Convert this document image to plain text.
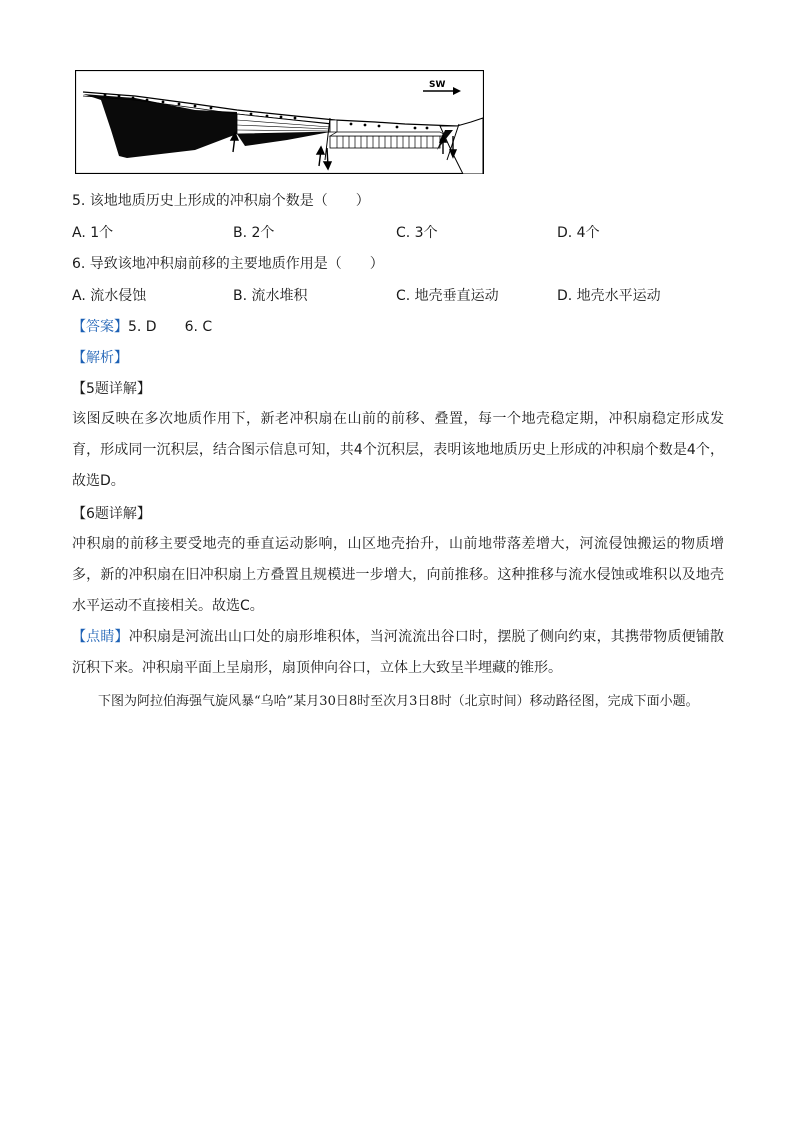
SW
5. 该地地质历史上形成的冲积扇个数是（　　）
A. 1个	B. 2个	C. 3个	D. 4个
6. 导致该地冲积扇前移的主要地质作用是（　　）
A. 流水侵蚀	B. 流水堆积	C. 地壳垂直运动	D. 地壳水平运动
【答案】5. D　　6. C
【解析】
【5题详解】
该图反映在多次地质作用下，新老冲积扇在山前的前移、叠置，每一个地壳稳定期，冲积扇稳定形成发育，形成同一沉积层，结合图示信息可知，共4个沉积层，表明该地地质历史上形成的冲积扇个数是4个，故选D。
【6题详解】
冲积扇的前移主要受地壳的垂直运动影响，山区地壳抬升，山前地带落差增大，河流侵蚀搬运的物质增多，新的冲积扇在旧冲积扇上方叠置且规模进一步增大，向前推移。这种推移与流水侵蚀或堆积以及地壳水平运动不直接相关。故选C。
【点睛】冲积扇是河流出山口处的扇形堆积体，当河流流出谷口时，摆脱了侧向约束，其携带物质便铺散沉积下来。冲积扇平面上呈扇形，扇顶伸向谷口，立体上大致呈半埋藏的锥形。
　　下图为阿拉伯海强气旋风暴“乌哈”某月30日8时至次月3日8时（北京时间）移动路径图，完成下面小题。
